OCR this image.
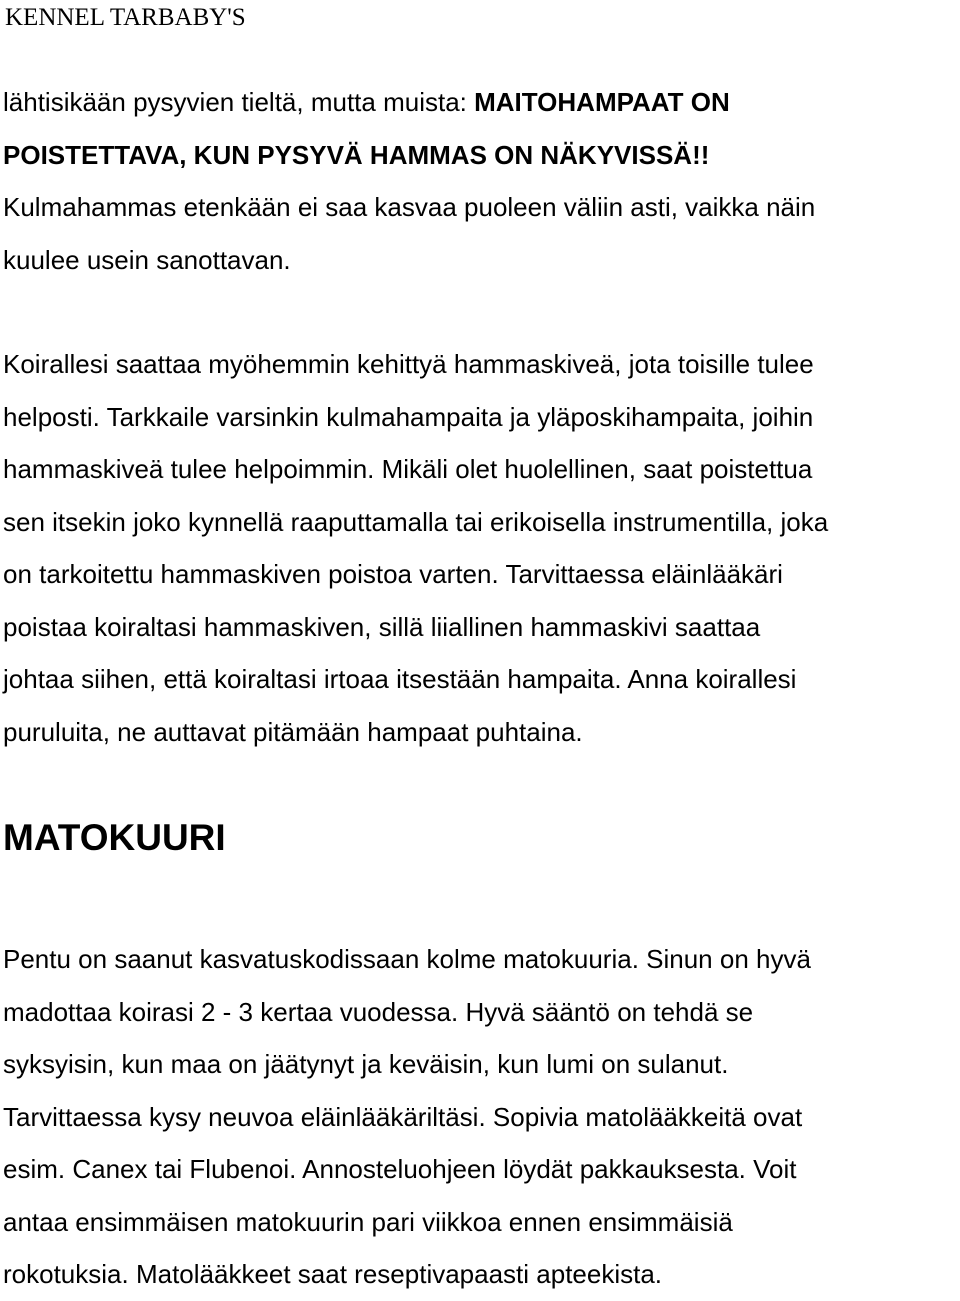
KENNEL TARBABY'S

lähtisikään pysyvien tieltä, mutta muista: MAITOHAMPAAT ON
POISTETTAVA, KUN PYSYVÄ HAMMAS ON NÄKYVISSÄ!!
Kulmahammas etenkään ei saa kasvaa puoleen väliin asti, vaikka näin
kuulee usein sanottavan.

Koirallesi saattaa myöhemmin kehittyä hammaskiveä, jota toisille tulee
helposti. Tarkkaile varsinkin kulmahampaita ja yläposkihampaita, joihin
hammaskiveä tulee helpoimmin. Mikäli olet huolellinen, saat poistettua
sen itsekin joko kynnellä raaputtamalla tai erikoisella instrumentilla, joka
on tarkoitettu hammaskiven poistoa varten. Tarvittaessa eläinlääkäri
poistaa koiraltasi hammaskiven, sillä liiallinen hammaskivi saattaa
johtaa siihen, että koiraltasi irtoaa itsestään hampaita. Anna koirallesi
puruluita, ne auttavat pitämään hampaat puhtaina.

MATOKUURI

Pentu on saanut kasvatuskodissaan kolme matokuuria. Sinun on hyvä
madottaa koirasi 2 - 3 kertaa vuodessa. Hyvä sääntö on tehdä se
syksyisin, kun maa on jäätynyt ja keväisin, kun lumi on sulanut.
Tarvittaessa kysy neuvoa eläinlääkäriltäsi. Sopivia matolääkkeitä ovat
esim. Canex tai Flubenoi. Annosteluohjeen löydät pakkauksesta. Voit
antaa ensimmäisen matokuurin pari viikkoa ennen ensimmäisiä
rokotuksia. Matolääkkeet saat reseptivapaasti apteekista.
